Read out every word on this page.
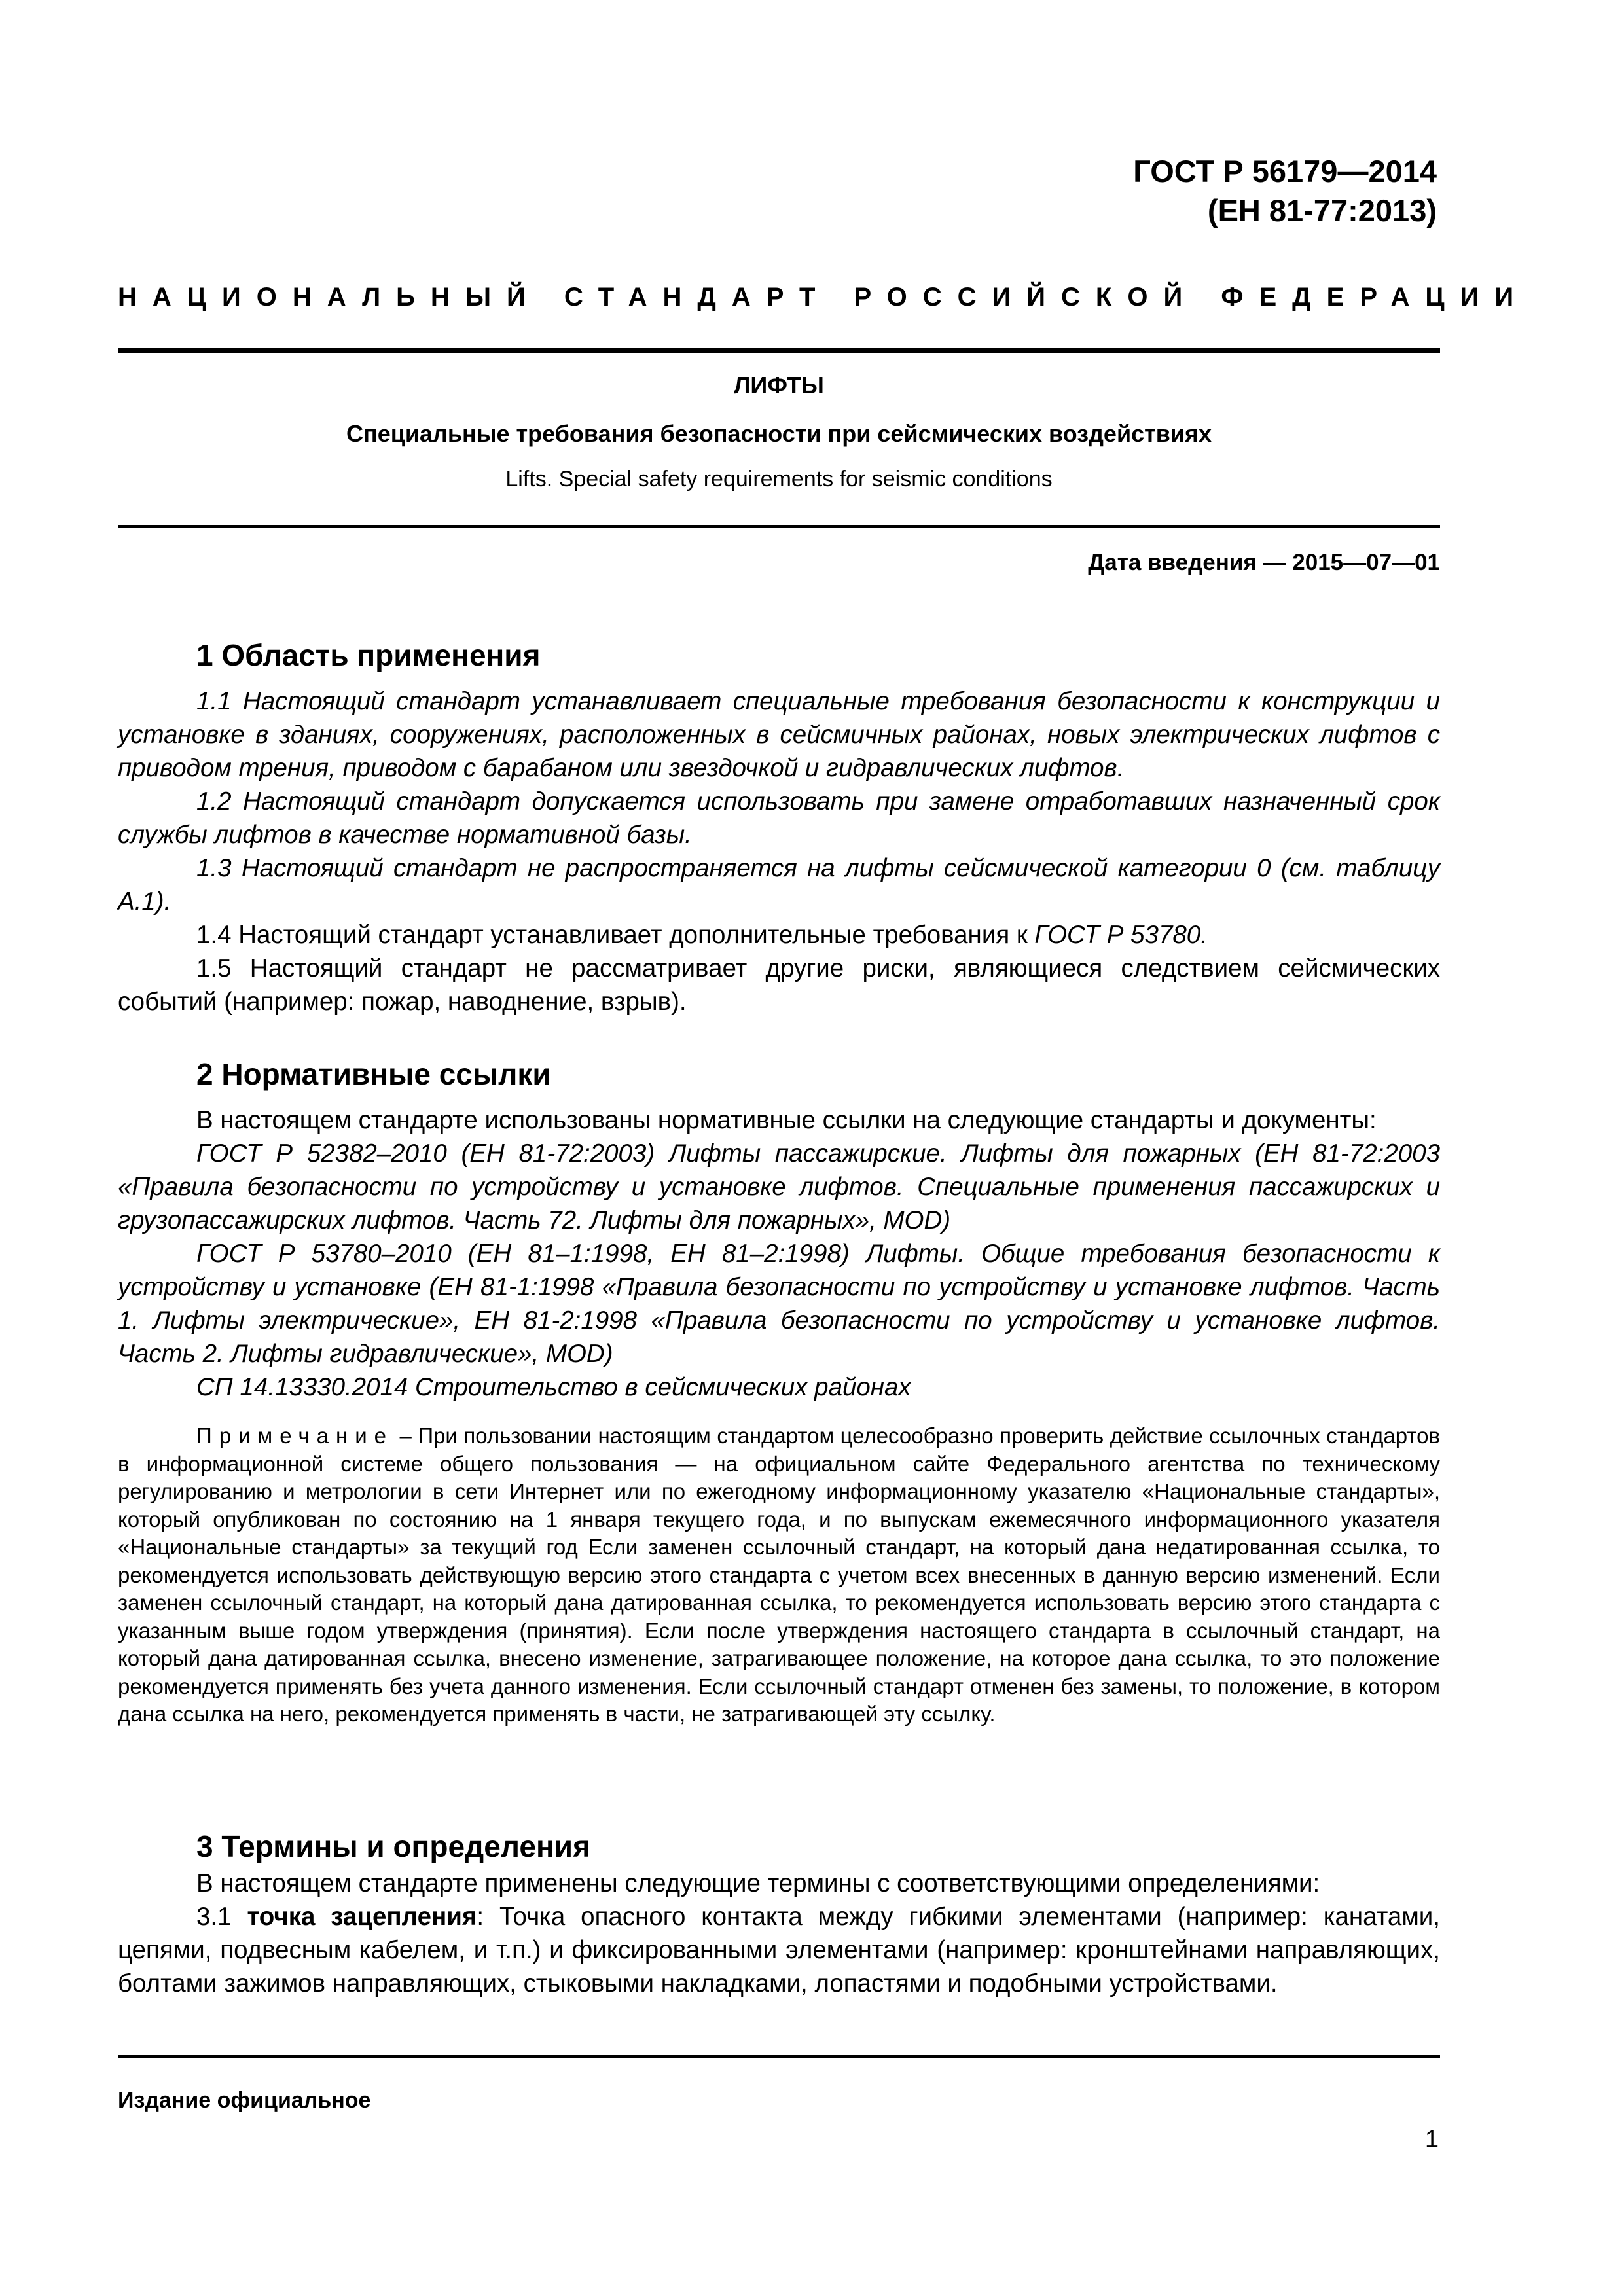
ГОСТ Р 56179—2014
(ЕН 81-77:2013)
НАЦИОНАЛЬНЫЙ СТАНДАРТ РОССИЙСКОЙ ФЕДЕРАЦИИ
ЛИФТЫ
Специальные требования безопасности при сейсмических воздействиях
Lifts. Special safety requirements for seismic conditions
Дата введения — 2015—07—01
1 Область применения

1.1 Настоящий стандарт устанавливает специальные требования безопасности к конструкции и установке в зданиях, сооружениях, расположенных в сейсмичных районах, новых электрических лифтов с приводом трения, приводом с барабаном или звездочкой и гидравлических лифтов.

1.2 Настоящий стандарт допускается использовать при замене отработавших назначенный срок службы лифтов в качестве нормативной базы.

1.3 Настоящий стандарт не распространяется на лифты сейсмической категории 0 (см. таблицу А.1).

1.4 Настоящий стандарт устанавливает дополнительные требования к ГОСТ Р 53780.

1.5 Настоящий стандарт не рассматривает другие риски, являющиеся следствием сейсмических событий (например: пожар, наводнение, взрыв).

2 Нормативные ссылки

В настоящем стандарте использованы нормативные ссылки на следующие стандарты и документы:

ГОСТ Р 52382–2010 (ЕН 81-72:2003) Лифты пассажирские. Лифты для пожарных (ЕН 81-72:2003 «Правила безопасности по устройству и установке лифтов. Специальные применения пассажирских и грузопассажирских лифтов. Часть 72. Лифты для пожарных», MOD)

ГОСТ Р 53780–2010 (ЕН 81–1:1998, ЕН 81–2:1998) Лифты. Общие требования безопасности к устройству и установке (ЕН 81-1:1998 «Правила безопасности по устройству и установке лифтов. Часть 1. Лифты электрические», ЕН 81-2:1998 «Правила безопасности по устройству и установке лифтов. Часть 2. Лифты гидравлические», MOD)

СП 14.13330.2014 Строительство в сейсмических районах

Примечание – При пользовании настоящим стандартом целесообразно проверить действие ссылочных стандартов в информационной системе общего пользования — на официальном сайте Федерального агентства по техническому регулированию и метрологии в сети Интернет или по ежегодному информационному указателю «Национальные стандарты», который опубликован по состоянию на 1 января текущего года, и по выпускам ежемесячного информационного указателя «Национальные стандарты» за текущий год Если заменен ссылочный стандарт, на который дана недатированная ссылка, то рекомендуется использовать действующую версию этого стандарта с учетом всех внесенных в данную версию изменений. Если заменен ссылочный стандарт, на который дана датированная ссылка, то рекомендуется использовать версию этого стандарта с указанным выше годом утверждения (принятия). Если после утверждения настоящего стандарта в ссылочный стандарт, на который дана датированная ссылка, внесено изменение, затрагивающее положение, на которое дана ссылка, то это положение рекомендуется применять без учета данного изменения. Если ссылочный стандарт отменен без замены, то положение, в котором дана ссылка на него, рекомендуется применять в части, не затрагивающей эту ссылку.

3 Термины и определения

В настоящем стандарте применены следующие термины с соответствующими определениями:

3.1 точка зацепления: Точка опасного контакта между гибкими элементами (например: канатами, цепями, подвесным кабелем, и т.п.) и фиксированными элементами (например: кронштейнами направляющих, болтами зажимов направляющих, стыковыми накладками, лопастями и подобными устройствами.

Издание официальное
1
